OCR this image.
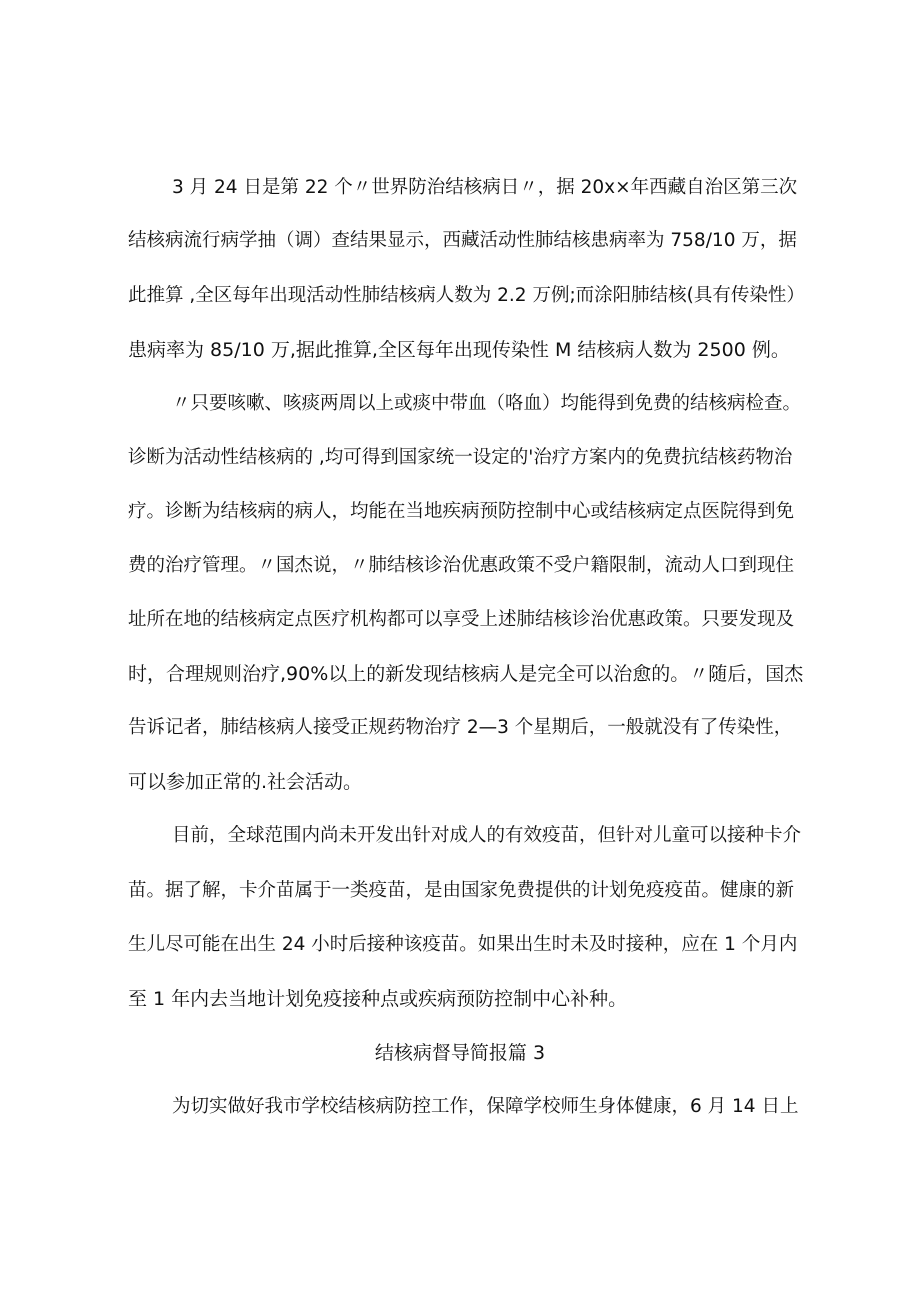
3 月 24 日是第 22 个〃世界防治结核病日〃，据 20x×年西藏自治区第三次
结核病流行病学抽（调）查结果显示，西藏活动性肺结核患病率为 758/10 万，据
此推算 ,全区每年出现活动性肺结核病人数为 2.2 万例;而涂阳肺结核(具有传染性）
患病率为 85/10 万,据此推算,全区每年出现传染性 M 结核病人数为 2500 例。
〃只要咳嗽、咳痰两周以上或痰中带血（咯血）均能得到免费的结核病检查。
诊断为活动性结核病的 ,均可得到国家统一设定的'治疗方案内的免费抗结核药物治
疗。诊断为结核病的病人，均能在当地疾病预防控制中心或结核病定点医院得到免
费的治疗管理。〃国杰说，〃肺结核诊治优惠政策不受户籍限制，流动人口到现住
址所在地的结核病定点医疗机构都可以享受上述肺结核诊治优惠政策。只要发现及
时，合理规则治疗,90%以上的新发现结核病人是完全可以治愈的。〃随后，国杰
告诉记者，肺结核病人接受正规药物治疗 2—3 个星期后，一般就没有了传染性，
可以参加正常的.社会活动。
目前，全球范围内尚未开发出针对成人的有效疫苗，但针对儿童可以接种卡介
苗。据了解，卡介苗属于一类疫苗，是由国家免费提供的计划免疫疫苗。健康的新
生儿尽可能在出生 24 小时后接种该疫苗。如果出生时未及时接种，应在 1 个月内
至 1 年内去当地计划免疫接种点或疾病预防控制中心补种。
结核病督导简报篇 3
为切实做好我市学校结核病防控工作，保障学校师生身体健康，6 月 14 日上
